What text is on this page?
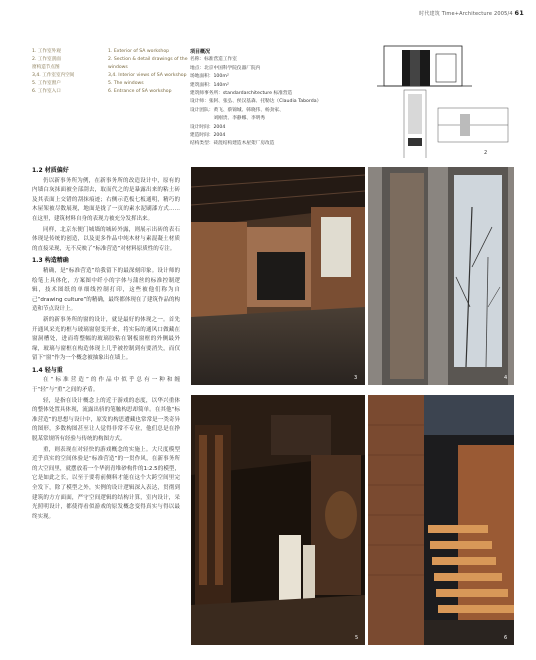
时代建筑 Time+Architecture 2005/4 61
1. 工作室外观
2. 工作室剖面
窗构造节点图
3,4. 工作室室内空间
5. 工作室窗户
6. 工作室入口
1. Exterior of SA workshop
2. Section & detail drawings of the
windows
3,4. Interior views of SA workshop
5. The windows
6. Entrance of SA workshop
项目概况
名称：标准营造工作室
地点：北京中国科学院仪器厂院内
场地面积：100m²
建筑面积：140m²
建筑师事务所：standardarchitecture 标准营造
设计师：张轲、张弘、侯汉基森、托勒达（Claudia Taborda）
设计团队：黄飞、蔡锦城、韩晓伟、杨劲家、
　　　　　刘刚贵、李静娜、李明秀
设计时间：2004
建造时间：2004
结构类型：砖混结构建造木屋架厂房改造
2
1.2 材质偏好

仍以新事务所为例，在新事务所的改造设计中，原有的内墙白灰抹面被全部刮去，取而代之的是暴露出来的粘土砖及其表面上交错的刮抹痕迹；右侧示范板七板通明，精巧的木屋架被尽数展现，地面是拢了一页的素水泥刷漆方式……在这里，建筑材料自身的表现力被充分发挥出来。

同样，北京东便门城墙的城砖外露，则展示出砖的表石体现是传统的创造，以及更多作品中纯木材与素混凝土材质的直接采现，无不反映了“标准营造”对材料原质性的专注。

1.3 构造精确

精确，是“标准营造”给我留下的最深刻印象。设计师的绘笔上具体化，方案图中纤小的字体与蒲丝的标准控制逻辑，技术图纸的单细线控制打印，这些被他们称为自己“drawing culture”的精确，最终都体现在了建筑作品的构造和节点设计上。

新的新事务所的窗的设计，就是最好的体现之一。首先开通风采光的框与玻璃窗射变开来，将实际的通风口做藏在窗洞槽处，进而将整幅的玻璃胶粘在钢板窗框的外侧最外缘，玻璃与窗框在构造体现上几乎被控制到有要消失，而仅留下“窗”作为一个概念被抽象出在墙上。

1.4 轻与重

在“标准营造”的作品中似乎总有一种和缠于“轻”与“重”之间的矛盾。

轻，是指在设计概念上的近于游戏的态度，以华兴重体的整体处置具体现，流露出骄的笔触构思却简单。在其他“标准营造”的思想与设计中，原发的构思遭藏也常常是一类奇异的图形，多数构图甚至让人觉得非常不专业，他们总是在挣脱某常规所有经验与传统的构图方式。

重，则表现在对轻快的游戏概念的实施上。大尺度模型近乎真实的空间体验是“标准营造”的一贯作风，在新事务所的大空间里，就摆放着一个华润青堆砂构件的1:2.5的模型，它是如此之长，以至于要将前侧料才能在这个大跨空间里完全发下，除了模型之外，实例的设计逻辑深入表达，贯彻到建筑的方方面面，严守空间逻辑的结构计算，室内设计，采光照明设计，都使得看似游戏的原发概念变得真实与得以最终实现。

3	4
5	6
